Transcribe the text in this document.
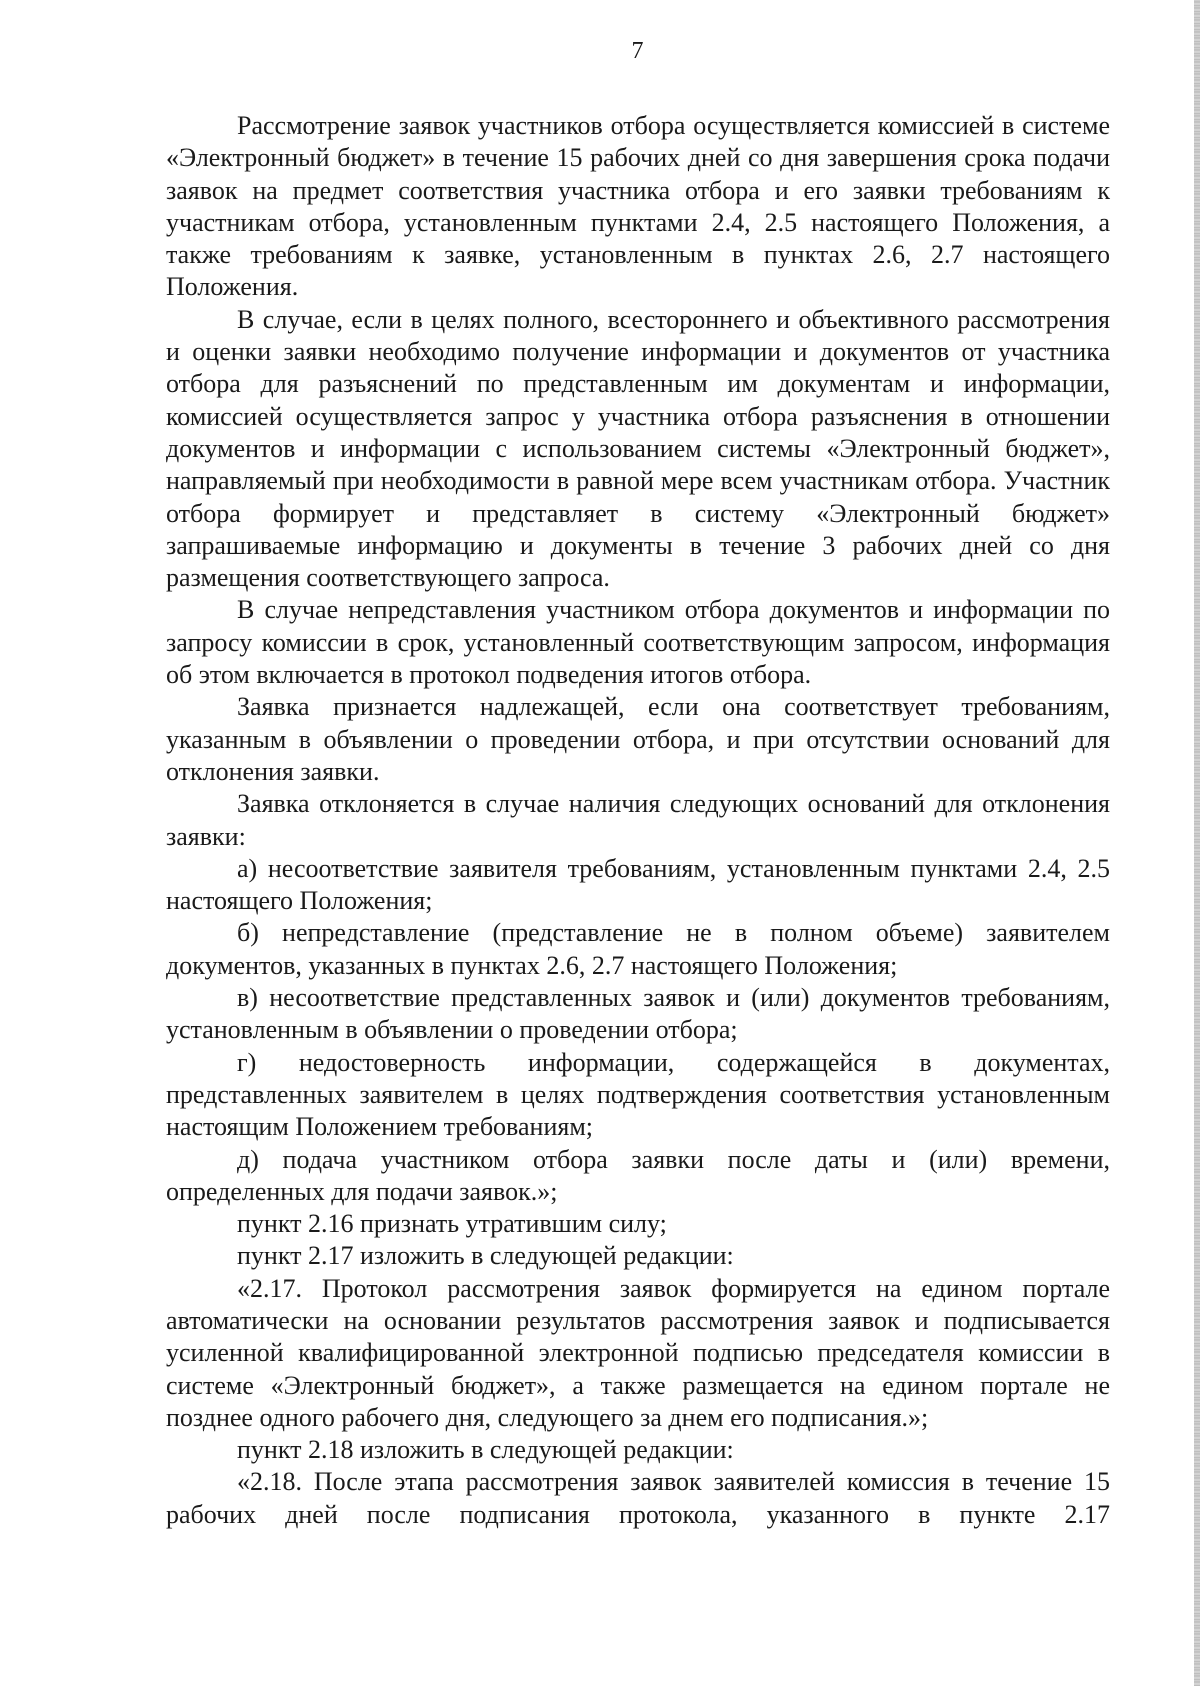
7

Рассмотрение заявок участников отбора осуществляется комиссией в системе «Электронный бюджет» в течение 15 рабочих дней со дня завершения срока подачи заявок на предмет соответствия участника отбора и его заявки требованиям к участникам отбора, установленным пунктами 2.4, 2.5 настоящего Положения, а также требованиям к заявке, установленным в пунктах 2.6, 2.7 настоящего Положения.

В случае, если в целях полного, всестороннего и объективного рассмотрения и оценки заявки необходимо получение информации и документов от участника отбора для разъяснений по представленным им документам и информации, комиссией осуществляется запрос у участника отбора разъяснения в отношении документов и информации с использованием системы «Электронный бюджет», направляемый при необходимости в равной мере всем участникам отбора. Участник отбора формирует и представляет в систему «Электронный бюджет» запрашиваемые информацию и документы в течение 3 рабочих дней со дня размещения соответствующего запроса.

В случае непредставления участником отбора документов и информации по запросу комиссии в срок, установленный соответствующим запросом, информация об этом включается в протокол подведения итогов отбора.

Заявка признается надлежащей, если она соответствует требованиям, указанным в объявлении о проведении отбора, и при отсутствии оснований для отклонения заявки.

Заявка отклоняется в случае наличия следующих оснований для отклонения заявки:

а) несоответствие заявителя требованиям, установленным пунктами 2.4, 2.5 настоящего Положения;

б) непредставление (представление не в полном объеме) заявителем документов, указанных в пунктах 2.6, 2.7 настоящего Положения;

в) несоответствие представленных заявок и (или) документов требованиям, установленным в объявлении о проведении отбора;

г) недостоверность информации, содержащейся в документах, представленных заявителем в целях подтверждения соответствия установленным настоящим Положением требованиям;

д) подача участником отбора заявки после даты и (или) времени, определенных для подачи заявок.»;

пункт 2.16 признать утратившим силу;

пункт 2.17 изложить в следующей редакции:

«2.17. Протокол рассмотрения заявок формируется на едином портале автоматически на основании результатов рассмотрения заявок и подписывается усиленной квалифицированной электронной подписью председателя комиссии в системе «Электронный бюджет», а также размещается на едином портале не позднее одного рабочего дня, следующего за днем его подписания.»;

пункт 2.18 изложить в следующей редакции:

«2.18. После этапа рассмотрения заявок заявителей комиссия в течение 15 рабочих дней после подписания протокола, указанного в пункте 2.17
